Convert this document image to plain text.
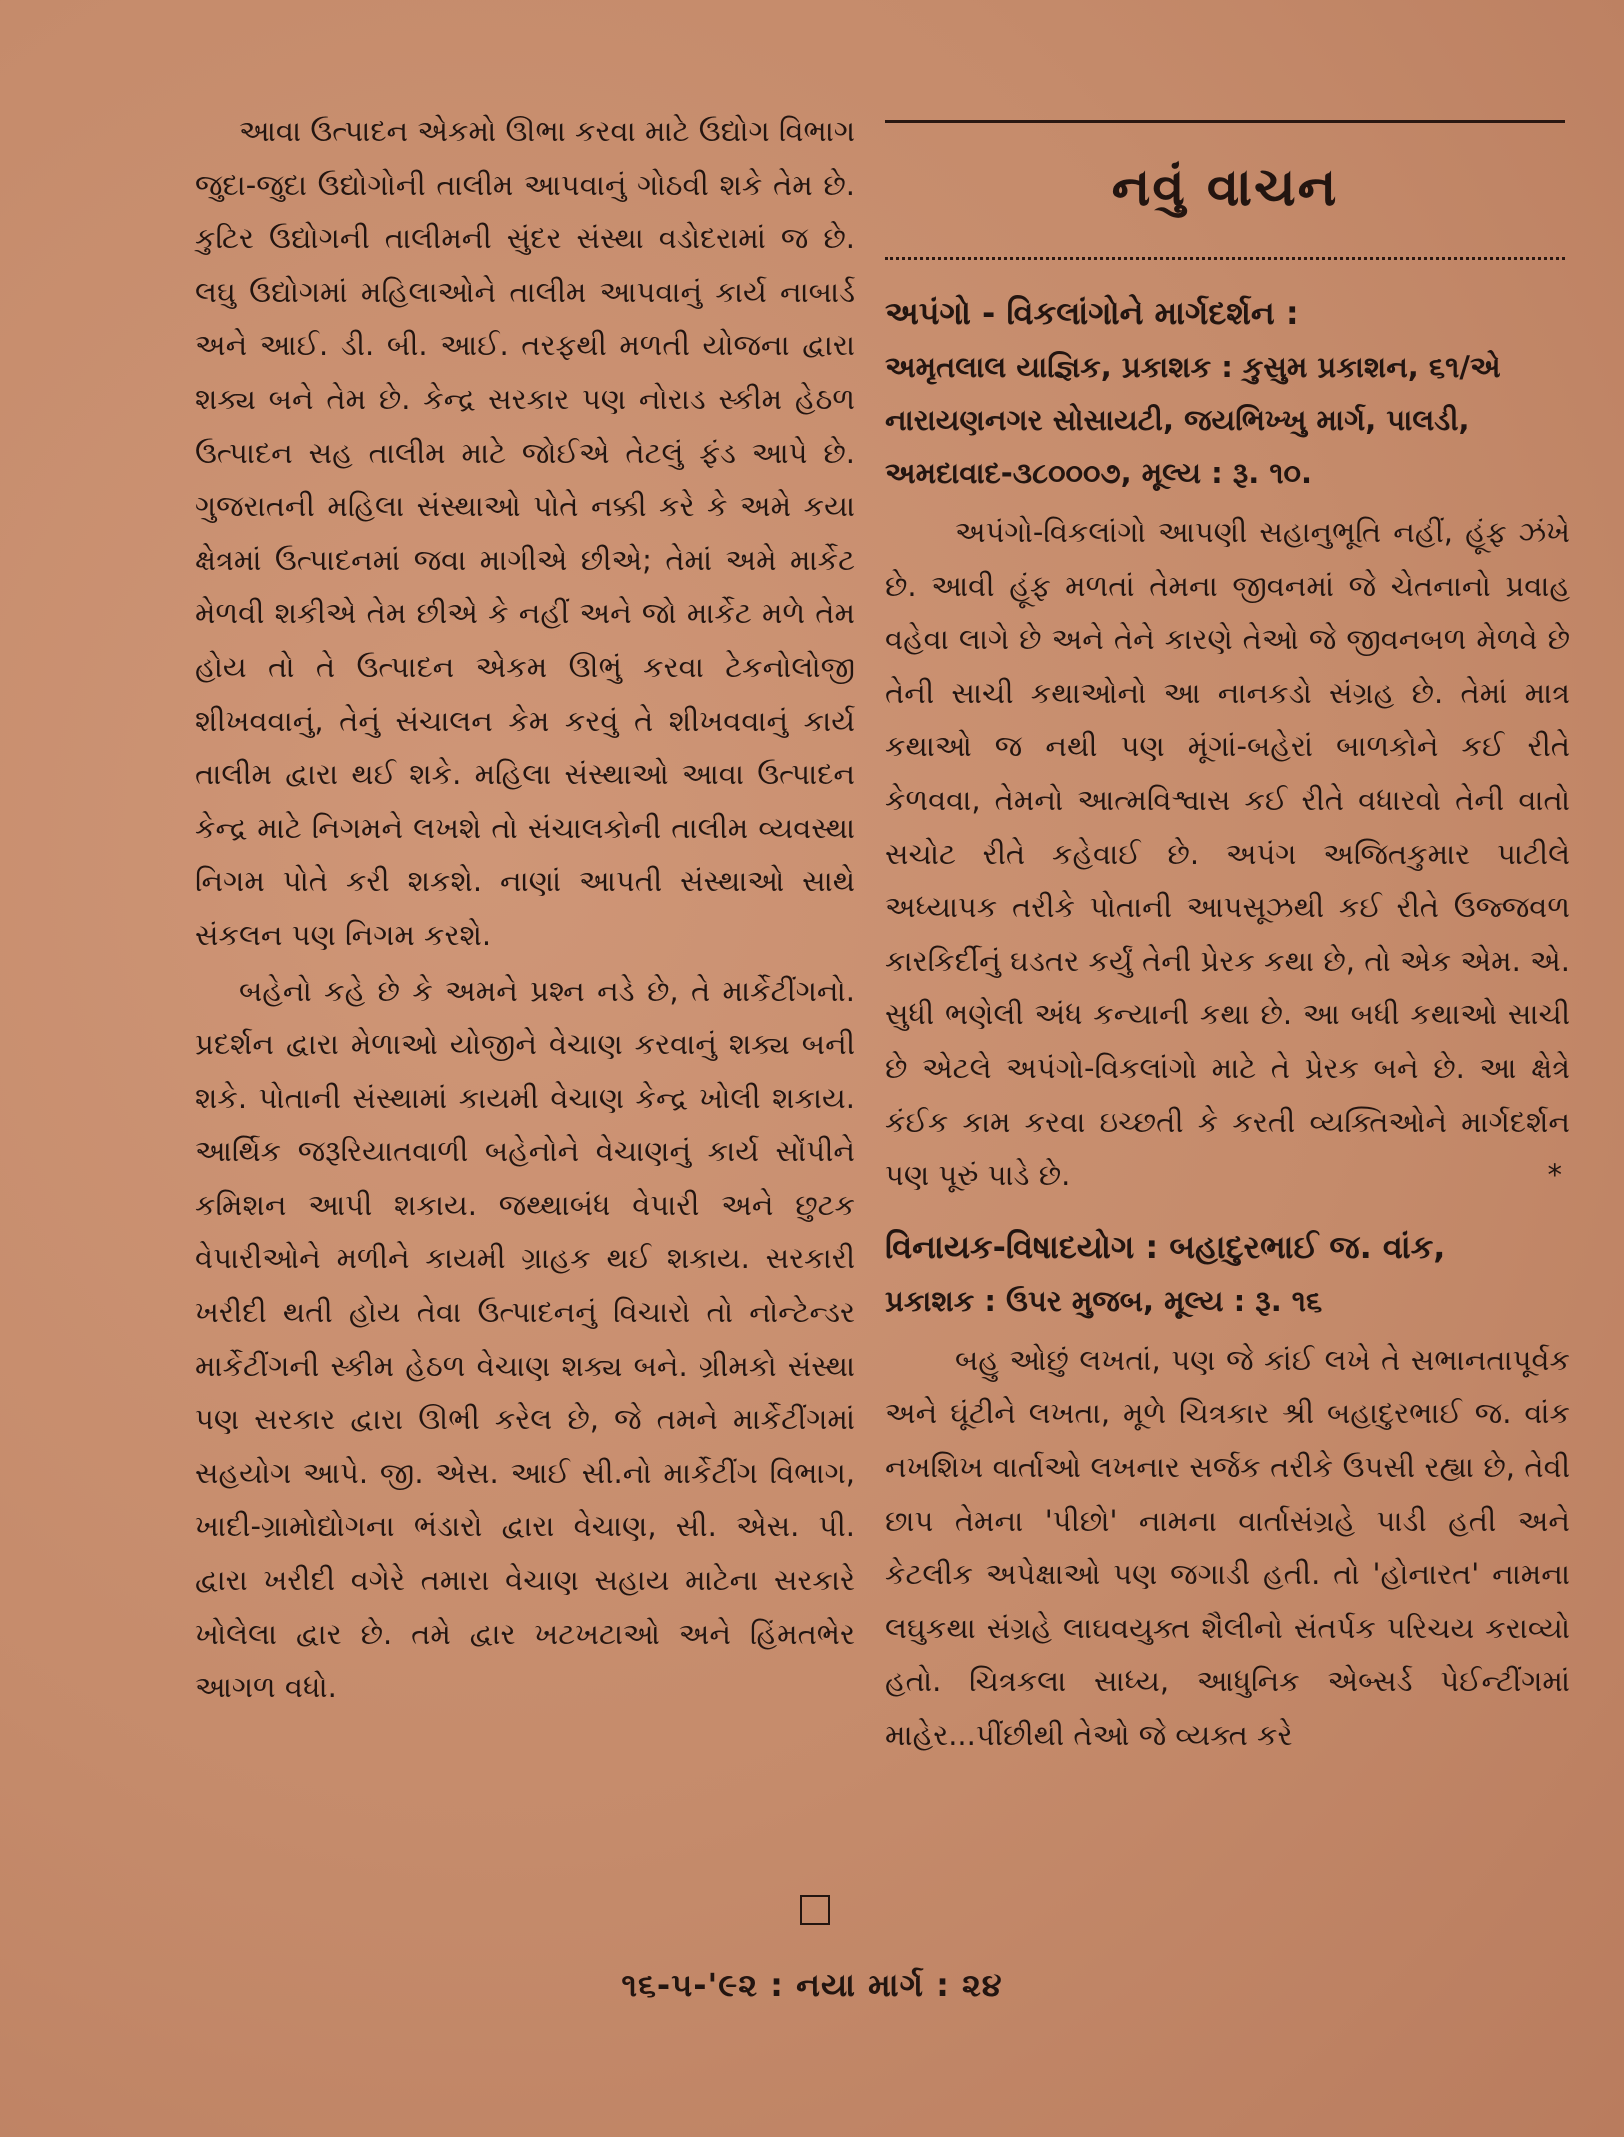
આવા ઉત્પાદન એકમો ઊભા કરવા માટે ઉદ્યોગ વિભાગ જુદા-જુદા ઉદ્યોગોની તાલીમ આપવાનું ગોઠવી શકે તેમ છે. કુટિર ઉદ્યોગની તાલીમની સુંદર સંસ્થા વડોદરામાં જ છે. લઘુ ઉદ્યોગમાં મહિલાઓને તાલીમ આપવાનું કાર્ય નાબાર્ડ અને આઈ. ડી. બી. આઈ. તરફથી મળતી યોજના દ્વારા શક્ય બને તેમ છે. કેન્દ્ર સરકાર પણ નોરાડ સ્કીમ હેઠળ ઉત્પાદન સહ તાલીમ માટે જોઈએ તેટલું ફંડ આપે છે. ગુજરાતની મહિલા સંસ્થાઓ પોતે નક્કી કરે કે અમે કયા ક્ષેત્રમાં ઉત્પાદનમાં જવા માગીએ છીએ; તેમાં અમે માર્કેટ મેળવી શકીએ તેમ છીએ કે નહીં અને જો માર્કેટ મળે તેમ હોય તો તે ઉત્પાદન એકમ ઊભું કરવા ટેકનોલોજી શીખવવાનું, તેનું સંચાલન કેમ કરવું તે શીખવવાનું કાર્ય તાલીમ દ્વારા થઈ શકે. મહિલા સંસ્થાઓ આવા ઉત્પાદન કેન્દ્ર માટે નિગમને લખશે તો સંચાલકોની તાલીમ વ્યવસ્થા નિગમ પોતે કરી શકશે. નાણાં આપતી સંસ્થાઓ સાથે સંકલન પણ નિગમ કરશે.

બહેનો કહે છે કે અમને પ્રશ્ન નડે છે, તે માર્કેટીંગનો. પ્રદર્શન દ્વારા મેળાઓ યોજીને વેચાણ કરવાનું શક્ય બની શકે. પોતાની સંસ્થામાં કાયમી વેચાણ કેન્દ્ર ખોલી શકાય. આર્થિક જરૂરિયાતવાળી બહેનોને વેચાણનું કાર્ય સોંપીને કમિશન આપી શકાય. જથ્થાબંધ વેપારી અને છુટક વેપારીઓને મળીને કાયમી ગ્રાહક થઈ શકાય. સરકારી ખરીદી થતી હોય તેવા ઉત્પાદનનું વિચારો તો નોન્ટેન્ડર માર્કેટીંગની સ્કીમ હેઠળ વેચાણ શક્ય બને. ગ્રીમકો સંસ્થા પણ સરકાર દ્વારા ઊભી કરેલ છે, જે તમને માર્કેટીંગમાં સહયોગ આપે. જી. એસ. આઈ સી.નો માર્કેટીંગ વિભાગ, ખાદી-ગ્રામોદ્યોગના ભંડારો દ્વારા વેચાણ, સી. એસ. પી. દ્વારા ખરીદી વગેરે તમારા વેચાણ સહાય માટેના સરકારે ખોલેલા દ્વાર છે. તમે દ્વાર ખટખટાઓ અને હિંમતભેર આગળ વધો.

નવું વાચન

અપંગો - વિકલાંગોને માર્ગદર્શન :

અમૃતલાલ યાજ્ઞિક, પ્રકાશક : કુસુમ પ્રકાશન, ૬૧/એ નારાયણનગર સોસાયટી, જયભિખ્ખુ માર્ગ, પાલડી, અમદાવાદ-૩૮૦૦૦૭, મૂલ્ય : રૂ. ૧૦.

અપંગો-વિકલાંગો આપણી સહાનુભૂતિ નહીં, હૂંફ ઝંખે છે. આવી હૂંફ મળતાં તેમના જીવનમાં જે ચેતનાનો પ્રવાહ વહેવા લાગે છે અને તેને કારણે તેઓ જે જીવનબળ મેળવે છે તેની સાચી કથાઓનો આ નાનકડો સંગ્રહ છે. તેમાં માત્ર કથાઓ જ નથી પણ મૂંગાં-બહેરાં બાળકોને કઈ રીતે કેળવવા, તેમનો આત્મવિશ્વાસ કઈ રીતે વધારવો તેની વાતો સચોટ રીતે કહેવાઈ છે. અપંગ અજિતકુમાર પાટીલે અધ્યાપક તરીકે પોતાની આપસૂઝથી કઈ રીતે ઉજ્જવળ કારકિર્દીનું ઘડતર કર્યું તેની પ્રેરક કથા છે, તો એક એમ. એ. સુધી ભણેલી અંધ કન્યાની કથા છે. આ બધી કથાઓ સાચી છે એટલે અપંગો-વિકલાંગો માટે તે પ્રેરક બને છે. આ ક્ષેત્રે કંઈક કામ કરવા ઇચ્છતી કે કરતી વ્યક્તિઓને માર્ગદર્શન પણ પૂરું પાડે છે.	*

વિનાયક-વિષાદયોગ : બહાદુરભાઈ જ. વાંક,

પ્રકાશક : ઉપર મુજબ, મૂલ્ય : રૂ. ૧૬

બહુ ઓછું લખતાં, પણ જે કાંઈ લખે તે સભાનતાપૂર્વક અને ઘૂંટીને લખતા, મૂળે ચિત્રકાર શ્રી બહાદુરભાઈ જ. વાંક નખશિખ વાર્તાઓ લખનાર સર્જક તરીકે ઉપસી રહ્યા છે, તેવી છાપ તેમના 'પીછો' નામના વાર્તાસંગ્રહે પાડી હતી અને કેટલીક અપેક્ષાઓ પણ જગાડી હતી. તો 'હોનારત' નામના લઘુકથા સંગ્રહે લાઘવયુક્ત શૈલીનો સંતર્પક પરિચય કરાવ્યો હતો. ચિત્રકલા સાધ્ય, આધુનિક એબ્સર્ડ પેઈન્ટીંગમાં માહેર...પીંછીથી તેઓ જે વ્યક્ત કરે

૧૬-૫-'૯૨ : નયા માર્ગ : ૨૪
